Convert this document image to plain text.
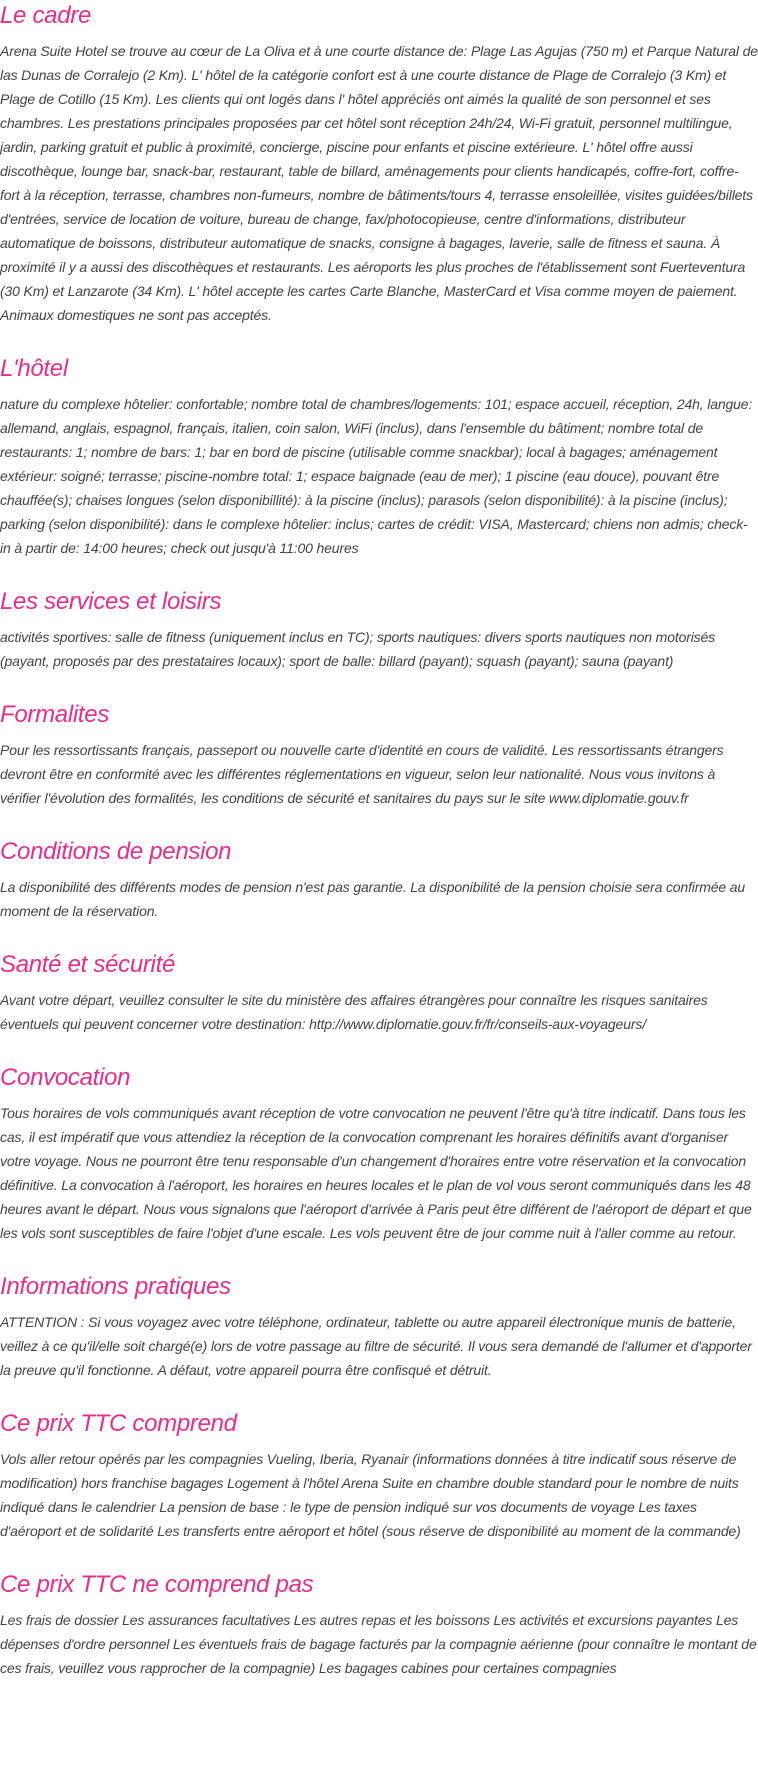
Le cadre

Arena Suite Hotel se trouve au cœur de La Oliva et à une courte distance de: Plage Las Agujas (750 m) et Parque Natural de las Dunas de Corralejo (2 Km). L' hôtel de la catégorie confort est à une courte distance de Plage de Corralejo (3 Km) et Plage de Cotillo (15 Km). Les clients qui ont logés dans l' hôtel appréciés ont aimés la qualité de son personnel et ses chambres. Les prestations principales proposées par cet hôtel sont réception 24h/24, Wi-Fi gratuit, personnel multilingue, jardin, parking gratuit et public à proximité, concierge, piscine pour enfants et piscine extérieure. L' hôtel offre aussi discothèque, lounge bar, snack-bar, restaurant, table de billard, aménagements pour clients handicapés, coffre-fort, coffre-fort à la réception, terrasse, chambres non-fumeurs, nombre de bâtiments/tours 4, terrasse ensoleillée, visites guidées/billets d'entrées, service de location de voiture, bureau de change, fax/photocopieuse, centre d'informations, distributeur automatique de boissons, distributeur automatique de snacks, consigne à bagages, laverie, salle de fitness et sauna. À proximité il y a aussi des discothèques et restaurants. Les aéroports les plus proches de l'établissement sont Fuerteventura (30 Km) et Lanzarote (34 Km). L' hôtel accepte les cartes Carte Blanche, MasterCard et Visa comme moyen de paiement. Animaux domestiques ne sont pas acceptés.

L'hôtel

nature du complexe hôtelier: confortable; nombre total de chambres/logements: 101; espace accueil, réception, 24h, langue: allemand, anglais, espagnol, français, italien, coin salon, WiFi (inclus), dans l'ensemble du bâtiment; nombre total de restaurants: 1; nombre de bars: 1; bar en bord de piscine (utilisable comme snackbar); local à bagages; aménagement extérieur: soigné; terrasse; piscine-nombre total: 1; espace baignade (eau de mer); 1 piscine (eau douce), pouvant être chauffée(s); chaises longues (selon disponibillité): à la piscine (inclus); parasols (selon disponibilité): à la piscine (inclus); parking (selon disponibilité): dans le complexe hôtelier: inclus; cartes de crédit: VISA, Mastercard; chiens non admis; check-in à partir de: 14:00 heures; check out jusqu'à 11:00 heures

Les services et loisirs

activités sportives: salle de fitness (uniquement inclus en TC); sports nautiques: divers sports nautiques non motorisés (payant, proposés par des prestataires locaux); sport de balle: billard (payant); squash (payant); sauna (payant)

Formalites

Pour les ressortissants français, passeport ou nouvelle carte d'identité en cours de validité. Les ressortissants étrangers devront être en conformité avec les différentes réglementations en vigueur, selon leur nationalité. Nous vous invitons à vérifier l'évolution des formalités, les conditions de sécurité et sanitaires du pays sur le site www.diplomatie.gouv.fr

Conditions de pension

La disponibilité des différents modes de pension n'est pas garantie. La disponibilité de la pension choisie sera confirmée au moment de la réservation.

Santé et sécurité

Avant votre départ, veuillez consulter le site du ministère des affaires étrangères pour connaître les risques sanitaires éventuels qui peuvent concerner votre destination: http://www.diplomatie.gouv.fr/fr/conseils-aux-voyageurs/

Convocation

Tous horaires de vols communiqués avant réception de votre convocation ne peuvent l'être qu'à titre indicatif. Dans tous les cas, il est impératif que vous attendiez la réception de la convocation comprenant les horaires définitifs avant d'organiser votre voyage. Nous ne pourront être tenu responsable d'un changement d'horaires entre votre réservation et la convocation définitive. La convocation à l'aéroport, les horaires en heures locales et le plan de vol vous seront communiqués dans les 48 heures avant le départ. Nous vous signalons que l'aéroport d'arrivée à Paris peut être différent de l'aéroport de départ et que les vols sont susceptibles de faire l'objet d'une escale. Les vols peuvent être de jour comme nuit à l'aller comme au retour.

Informations pratiques

ATTENTION : Si vous voyagez avec votre téléphone, ordinateur, tablette ou autre appareil électronique munis de batterie, veillez à ce qu'il/elle soit chargé(e) lors de votre passage au filtre de sécurité. Il vous sera demandé de l'allumer et d'apporter la preuve qu'il fonctionne. A défaut, votre appareil pourra être confisqué et détruit.

Ce prix TTC comprend

Vols aller retour opérés par les compagnies Vueling, Iberia, Ryanair (informations données à titre indicatif sous réserve de modification) hors franchise bagages Logement à l'hôtel Arena Suite en chambre double standard pour le nombre de nuits indiqué dans le calendrier La pension de base : le type de pension indiqué sur vos documents de voyage Les taxes d'aéroport et de solidarité Les transferts entre aéroport et hôtel (sous réserve de disponibilité au moment de la commande)

Ce prix TTC ne comprend pas

Les frais de dossier Les assurances facultatives Les autres repas et les boissons Les activités et excursions payantes Les dépenses d'ordre personnel Les éventuels frais de bagage facturés par la compagnie aérienne (pour connaître le montant de ces frais, veuillez vous rapprocher de la compagnie) Les bagages cabines pour certaines compagnies
